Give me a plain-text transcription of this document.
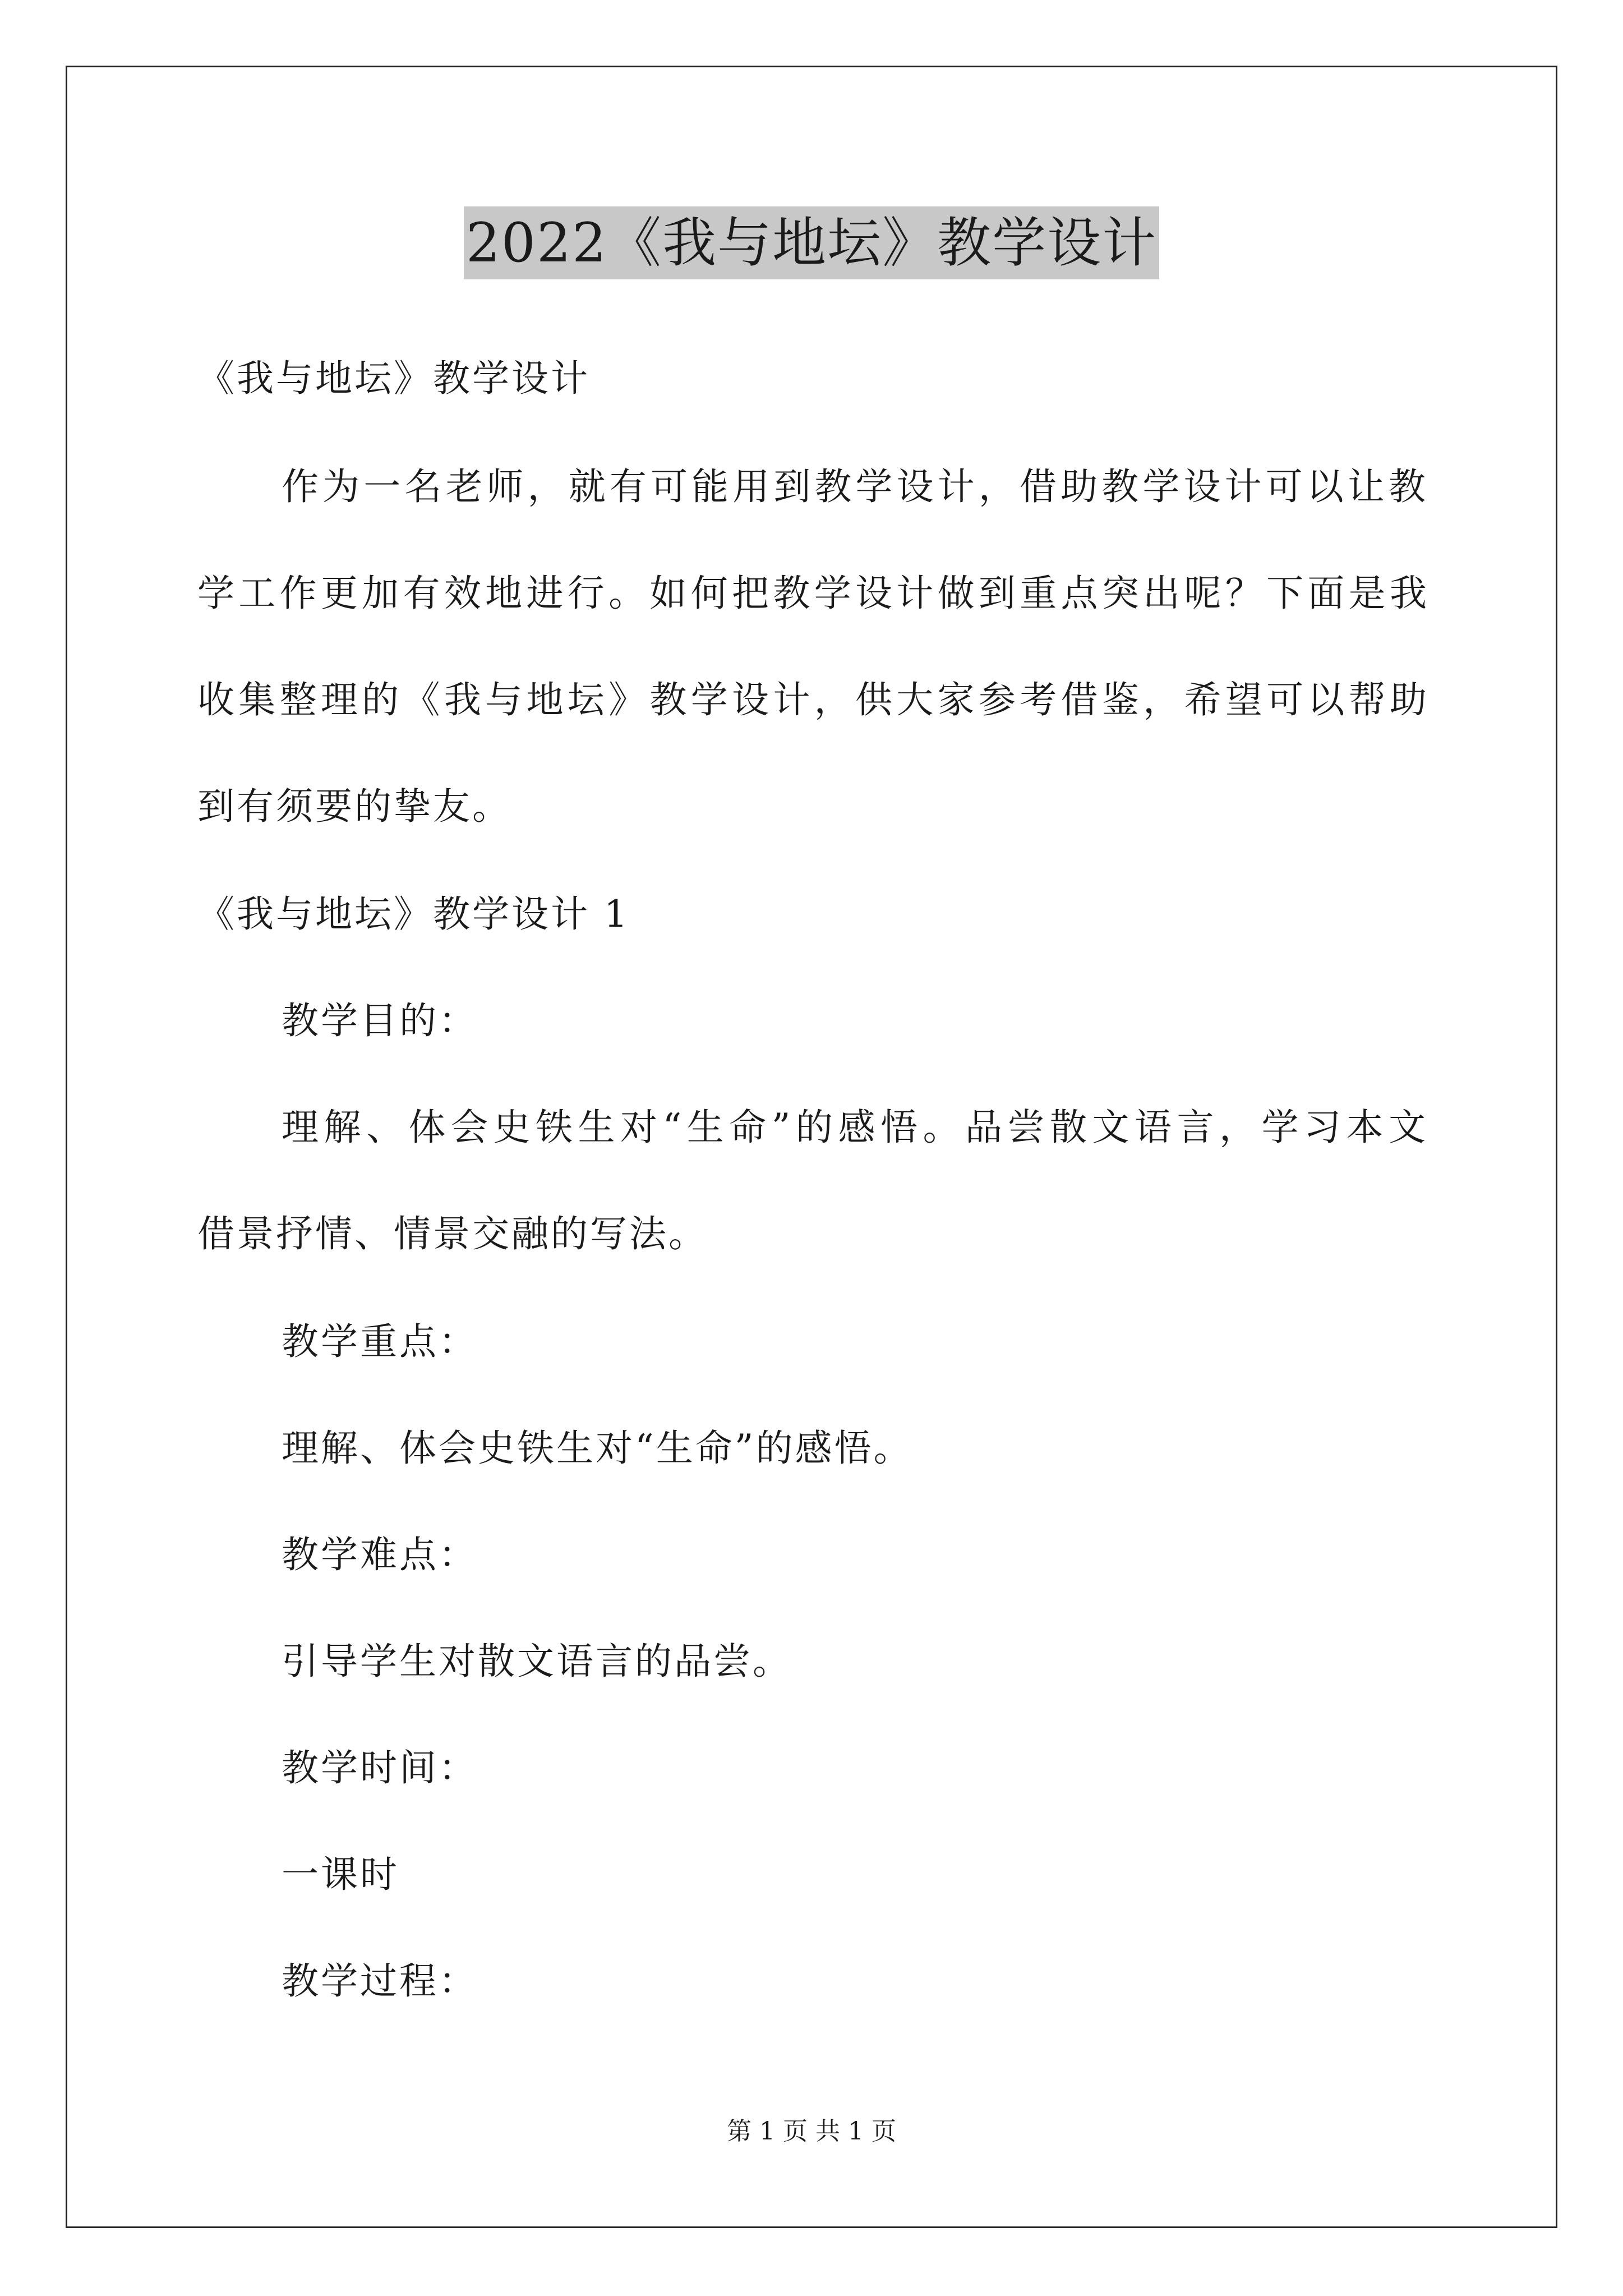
2022《我与地坛》教学设计
《我与地坛》教学设计
作为一名老师，就有可能用到教学设计，借助教学设计可以让教
学工作更加有效地进行。如何把教学设计做到重点突出呢？下面是我
收集整理的《我与地坛》教学设计，供大家参考借鉴，希望可以帮助
到有须要的挚友。
《我与地坛》教学设计 1
教学目的：
理解、体会史铁生对“生命”的感悟。品尝散文语言，学习本文
借景抒情、情景交融的写法。
教学重点：
理解、体会史铁生对“生命”的感悟。
教学难点：
引导学生对散文语言的品尝。
教学时间：
一课时
教学过程：
第 1 页 共 1 页
